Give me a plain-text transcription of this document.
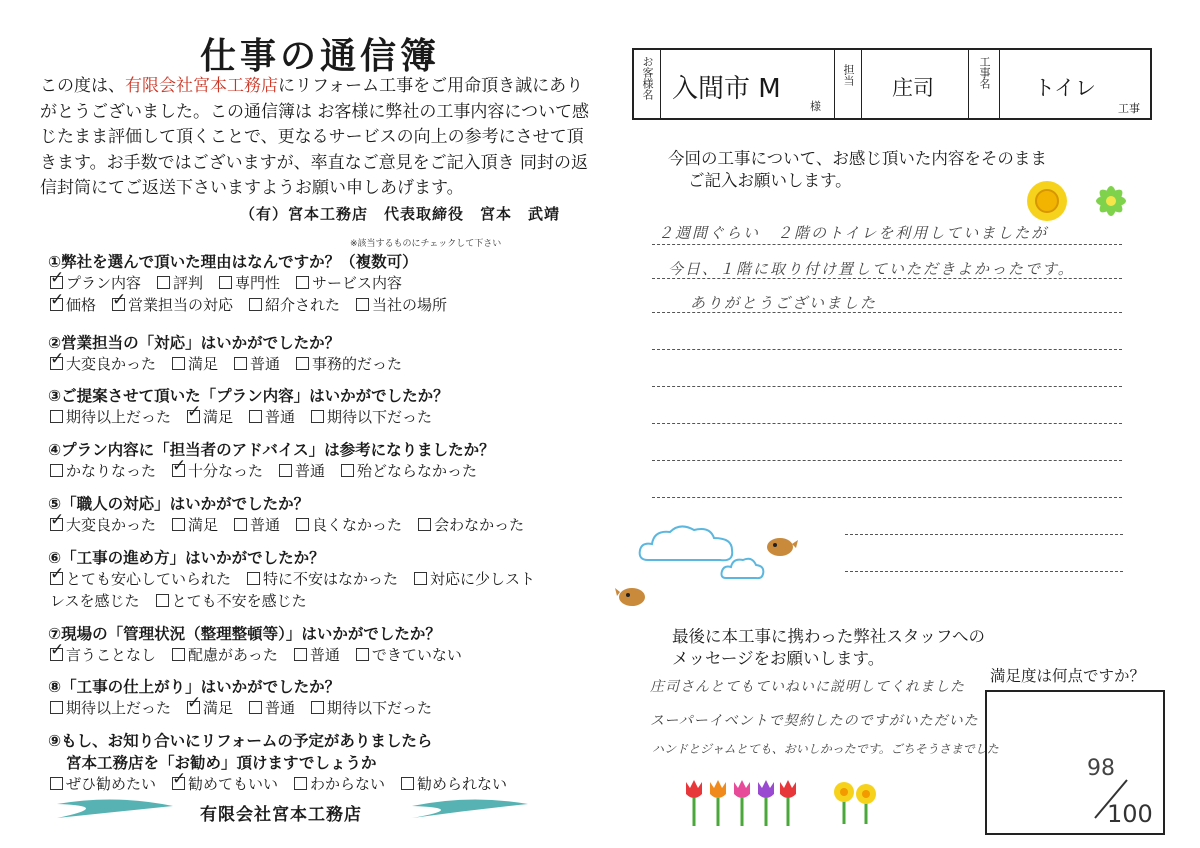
仕事の通信簿
この度は、有限会社宮本工務店にリフォーム工事をご用命頂き誠にありがとうございました。この通信簿は お客様に弊社の工事内容について感じたまま評価して頂くことで、更なるサービスの向上の参考にさせて頂きます。お手数ではございますが、率直なご意見をご記入頂き 同封の返信封筒にてご返送下さいますようお願い申しあげます。
（有）宮本工務店　代表取締役　宮本　武靖
※該当するものにチェックして下さい
①弊社を選んで頂いた理由はなんですか？（複数可）
✓プラン内容 評判 専門性 サービス内容
✓価格 ✓ 営業担当の対応 紹介された 当社の場所
②営業担当の「対応」はいかがでしたか？
✓大変良かった 満足 普通 事務的だった
③ご提案させて頂いた「プラン内容」はいかがでしたか？
期待以上だった ✓ 満足 普通 期待以下だった
④プラン内容に「担当者のアドバイス」は参考になりましたか？
かなりなった ✓ 十分なった 普通 殆どならなかった
⑤「職人の対応」はいかがでしたか？
✓大変良かった 満足 普通 良くなかった 会わなかった
⑥「工事の進め方」はいかがでしたか？
✓とても安心していられた 特に不安はなかった 対応に少しスト
レスを感じた とても不安を感じた
⑦現場の「管理状況（整理整頓等）」はいかがでしたか？
✓言うことなし 配慮があった 普通 できていない
⑧「工事の仕上がり」はいかがでしたか？
期待以上だった ✓ 満足 普通 期待以下だった
⑨もし、お知り合いにリフォームの予定がありましたら
宮本工務店を「お勧め」頂けますでしょうか
ぜひ勧めたい ✓ 勧めてもいい わからない 勧められない
有限会社宮本工務店
お客様名 入間市 M
様
担当
庄司	工事名 トイレ
工事
今回の工事について、お感じ頂いた内容をそのまま
ご記入お願いします。
２週間ぐらい　２階のトイレを利用していましたが
今日、１階に取り付け置していただきよかったです。
ありがとうございました
最後に本工事に携わった弊社スタッフへの
メッセージをお願いします。
庄司さんとてもていねいに説明してくれました
スーパーイベントで契約したのですがいただいた
ハンドとジャムとても、おいしかったです。ごちそうさまでした
満足度は何点ですか？
98
100
